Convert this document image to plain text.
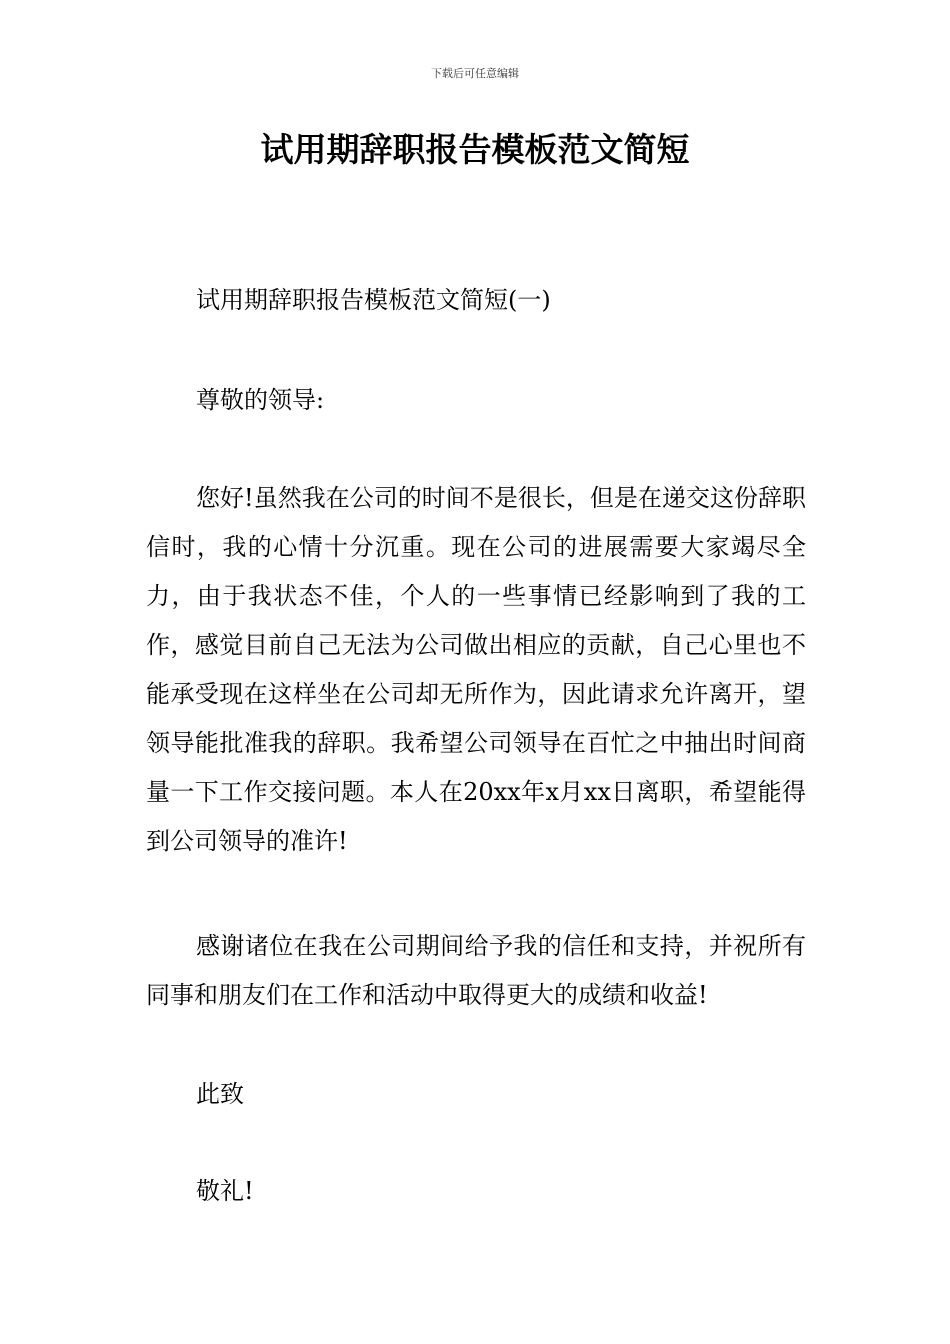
下载后可任意编辑
试用期辞职报告模板范文简短

试用期辞职报告模板范文简短(一)

尊敬的领导:

您好!虽然我在公司的时间不是很长，但是在递交这份辞职信时，我的心情十分沉重。现在公司的进展需要大家竭尽全力，由于我状态不佳，个人的一些事情已经影响到了我的工作，感觉目前自己无法为公司做出相应的贡献，自己心里也不能承受现在这样坐在公司却无所作为，因此请求允许离开，望领导能批准我的辞职。我希望公司领导在百忙之中抽出时间商量一下工作交接问题。本人在20xx年x月xx日离职，希望能得到公司领导的准许!

感谢诸位在我在公司期间给予我的信任和支持，并祝所有同事和朋友们在工作和活动中取得更大的成绩和收益!

此致

敬礼!
